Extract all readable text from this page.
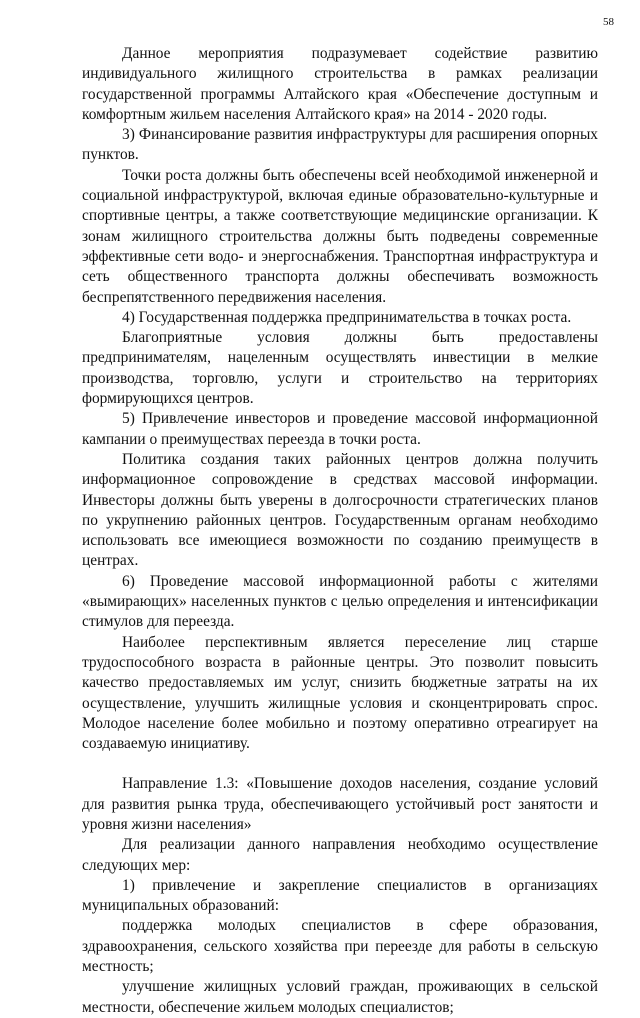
58

Данное мероприятия подразумевает содействие развитию индивидуального жилищного строительства в рамках реализации государственной программы Алтайского края «Обеспечение доступным и комфортным жильем населения Алтайского края» на 2014 - 2020 годы.

3) Финансирование развития инфраструктуры для расширения опорных пунктов.

Точки роста должны быть обеспечены всей необходимой инженерной и социальной инфраструктурой, включая единые образовательно-культурные и спортивные центры, а также соответствующие медицинские организации. К зонам жилищного строительства должны быть подведены современные эффективные сети водо- и энергоснабжения. Транспортная инфраструктура и сеть общественного транспорта должны обеспечивать возможность беспрепятственного передвижения населения.

4) Государственная поддержка предпринимательства в точках роста.

Благоприятные условия должны быть предоставлены предпринимателям, нацеленным осуществлять инвестиции в мелкие производства, торговлю, услуги и строительство на территориях формирующихся центров.

5) Привлечение инвесторов и проведение массовой информационной кампании о преимуществах переезда в точки роста.

Политика создания таких районных центров должна получить информационное сопровождение в средствах массовой информации. Инвесторы должны быть уверены в долгосрочности стратегических планов по укрупнению районных центров. Государственным органам необходимо использовать все имеющиеся возможности по созданию преимуществ в центрах.

6) Проведение массовой информационной работы с жителями «вымирающих» населенных пунктов с целью определения и интенсификации стимулов для переезда.

Наиболее перспективным является переселение лиц старше трудоспособного возраста в районные центры. Это позволит повысить качество предоставляемых им услуг, снизить бюджетные затраты на их осуществление, улучшить жилищные условия и сконцентрировать спрос. Молодое население более мобильно и поэтому оперативно отреагирует на создаваемую инициативу.

Направление 1.3: «Повышение доходов населения, создание условий для развития рынка труда, обеспечивающего устойчивый рост занятости и уровня жизни населения»

Для реализации данного направления необходимо осуществление следующих мер:

1) привлечение и закрепление специалистов в организациях муниципальных образований:

поддержка молодых специалистов в сфере образования, здравоохранения, сельского хозяйства при переезде для работы в сельскую местность;

улучшение жилищных условий граждан, проживающих в сельской местности, обеспечение жильем молодых специалистов;
